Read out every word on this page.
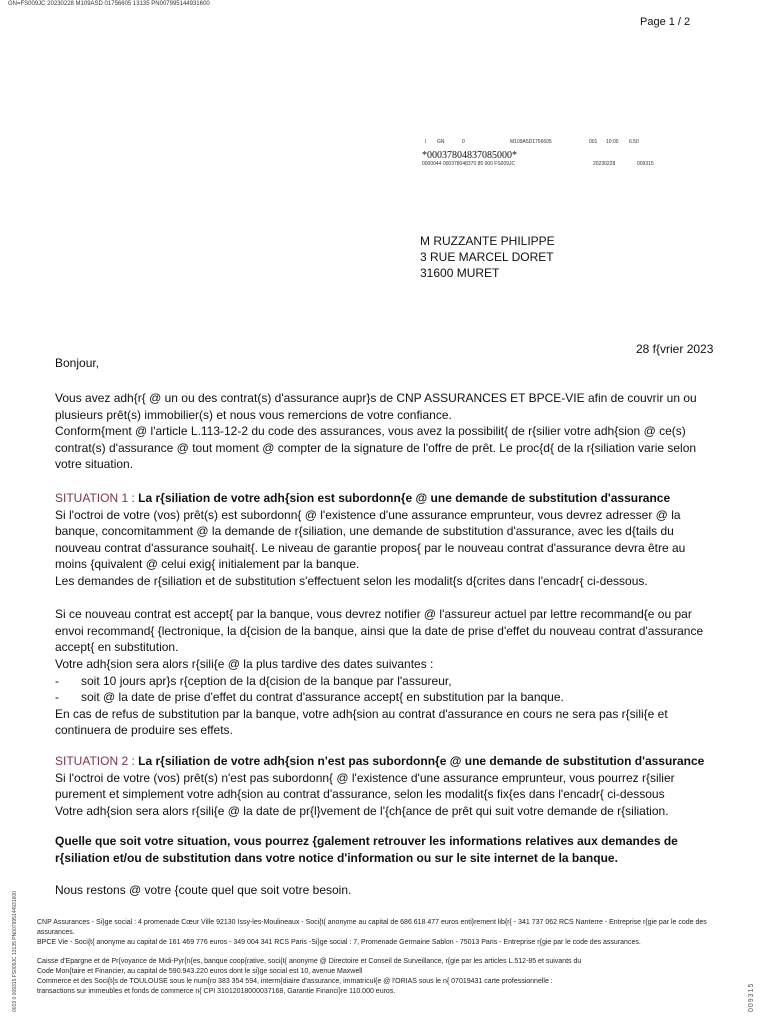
GN=FS009JC 20230228 M109ASD 01756605 13135 PN007995144931600
Page 1 / 2
I GN	0	M109A5D1756605	001 10:00 6.50
*00037804837085000*
0000044 000378048370 85 000 FS009JC	20230228	009315
M RUZZANTE PHILIPPE
3 RUE MARCEL DORET
31600 MURET
28 f{vrier 2023
Bonjour,

Vous avez adh{r{ @ un ou des contrat(s) d'assurance aupr}s de CNP ASSURANCES ET BPCE-VIE afin de couvrir un ou plusieurs prêt(s) immobilier(s) et nous vous remercions de votre confiance.

Conform{ment @ l'article L.113-12-2 du code des assurances, vous avez la possibilit{ de r{silier votre adh{sion @ ce(s) contrat(s) d'assurance @ tout moment @ compter de la signature de l'offre de prêt. Le proc{d{ de la r{siliation varie selon votre situation.

SITUATION 1 : La r{siliation de votre adh{sion est subordonn{e @ une demande de substitution d'assurance

Si l'octroi de votre (vos) prêt(s) est subordonn{ @ l'existence d'une assurance emprunteur, vous devrez adresser @ la banque, concomitamment @ la demande de r{siliation, une demande de substitution d'assurance, avec les d{tails du nouveau contrat d'assurance souhait{. Le niveau de garantie propos{ par le nouveau contrat d'assurance devra être au moins {quivalent @ celui exig{ initialement par la banque.

Les demandes de r{siliation et de substitution s'effectuent selon les modalit{s d{crites dans l'encadr{ ci-dessous.

Si ce nouveau contrat est accept{ par la banque, vous devrez notifier @ l'assureur actuel par lettre recommand{e ou par envoi recommand{ {lectronique, la d{cision de la banque, ainsi que la date de prise d'effet du nouveau contrat d'assurance accept{ en substitution.

Votre adh{sion sera alors r{sili{e @ la plus tardive des dates suivantes :

-	soit 10 jours apr}s r{ception de la d{cision de la banque par l'assureur,
-	soit @ la date de prise d'effet du contrat d'assurance accept{ en substitution par la banque.

En cas de refus de substitution par la banque, votre adh{sion au contrat d'assurance en cours ne sera pas r{sili{e et continuera de produire ses effets.

SITUATION 2 : La r{siliation de votre adh{sion n'est pas subordonn{e @ une demande de substitution d'assurance

Si l'octroi de votre (vos) prêt(s) n'est pas subordonn{ @ l'existence d'une assurance emprunteur, vous pourrez r{silier purement et simplement votre adh{sion au contrat d'assurance, selon les modalit{s fix{es dans l'encadr{ ci-dessous

Votre adh{sion sera alors r{sili{e @ la date de pr{l}vement de l'{ch{ance de prêt qui suit votre demande de r{siliation.

Quelle que soit votre situation, vous pourrez {galement retrouver les informations relatives aux demandes de r{siliation et/ou de substitution dans votre notice d'information ou sur le site internet de la banque.
Nous restons @ votre {coute quel que soit votre besoin.

CNP Assurances - Si}ge social : 4 promenade Cœur Ville 92130 Issy-les-Moulineaux - Soci{t{ anonyme au capital de 686 618 477 euros enti}rement lib{r{ - 341 737 062 RCS Nanterre - Entreprise r{gie par le code des assurances.

BPCE Vie - Soci{t{ anonyme au capital de 161 469 776 euros - 349 004 341 RCS Paris -Si}ge social : 7, Promenade Germaine Sablon - 75013 Paris - Entreprise r{gie par le code des assurances.

Caisse d'Epargne et de Pr{voyance de Midi-Pyr{n{es, banque coop{rative, soci{t{ anonyme @ Directoire et Conseil de Surveillance, r{gie par les articles L.512-85 et suivants du

Code Mon{taire et Financier, au capital de 590.943.220 euros dont le si}ge social est 10, avenue Maxwell

Commerce et des Soci{t{s de TOULOUSE sous le num{ro 383 354 594, interm{diaire d'assurance, immatricul{e @ l'ORIAS sous le n{ 07019431 carte professionnelle :

transactions sur immeubles et fonds de commerce n{ CPI 31012018000037168, Garantie Financi}re 110.000 euros.

0019 0 009315 FS009JC 13135 PN007995144931600	009315
